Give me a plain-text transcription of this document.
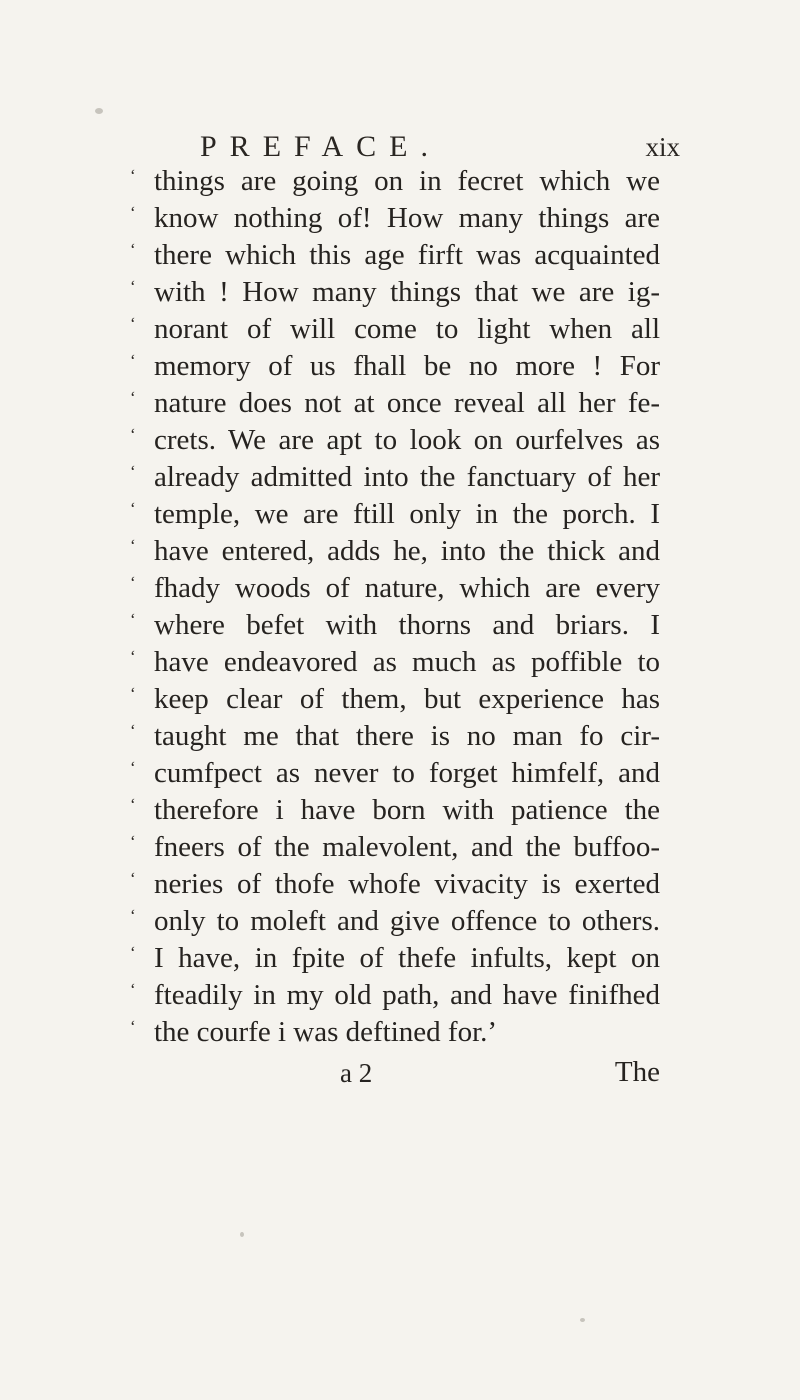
PREFACE.	xix
‘ things are going on in fecret which we
‘ know nothing of! How many things are
‘ there which this age firft was acquainted
‘ with ! How many things that we are ig-
‘ norant of will come to light when all
‘ memory of us fhall be no more ! For
‘ nature does not at once reveal all her fe-
‘ crets. We are apt to look on ourfelves as
‘ already admitted into the fanctuary of her
‘ temple, we are ftill only in the porch. I
‘ have entered, adds he, into the thick and
‘ fhady woods of nature, which are every
‘ where befet with thorns and briars. I
‘ have endeavored as much as poffible to
‘ keep clear of them, but experience has
‘ taught me that there is no man fo cir-
‘ cumfpect as never to forget himfelf, and
‘ therefore i have born with patience the
‘ fneers of the malevolent, and the buffoo-
‘ neries of thofe whofe vivacity is exerted
‘ only to moleft and give offence to others.
‘ I have, in fpite of thefe infults, kept on
‘ fteadily in my old path, and have finifhed
‘ the courfe i was deftined for.’
a 2	The
